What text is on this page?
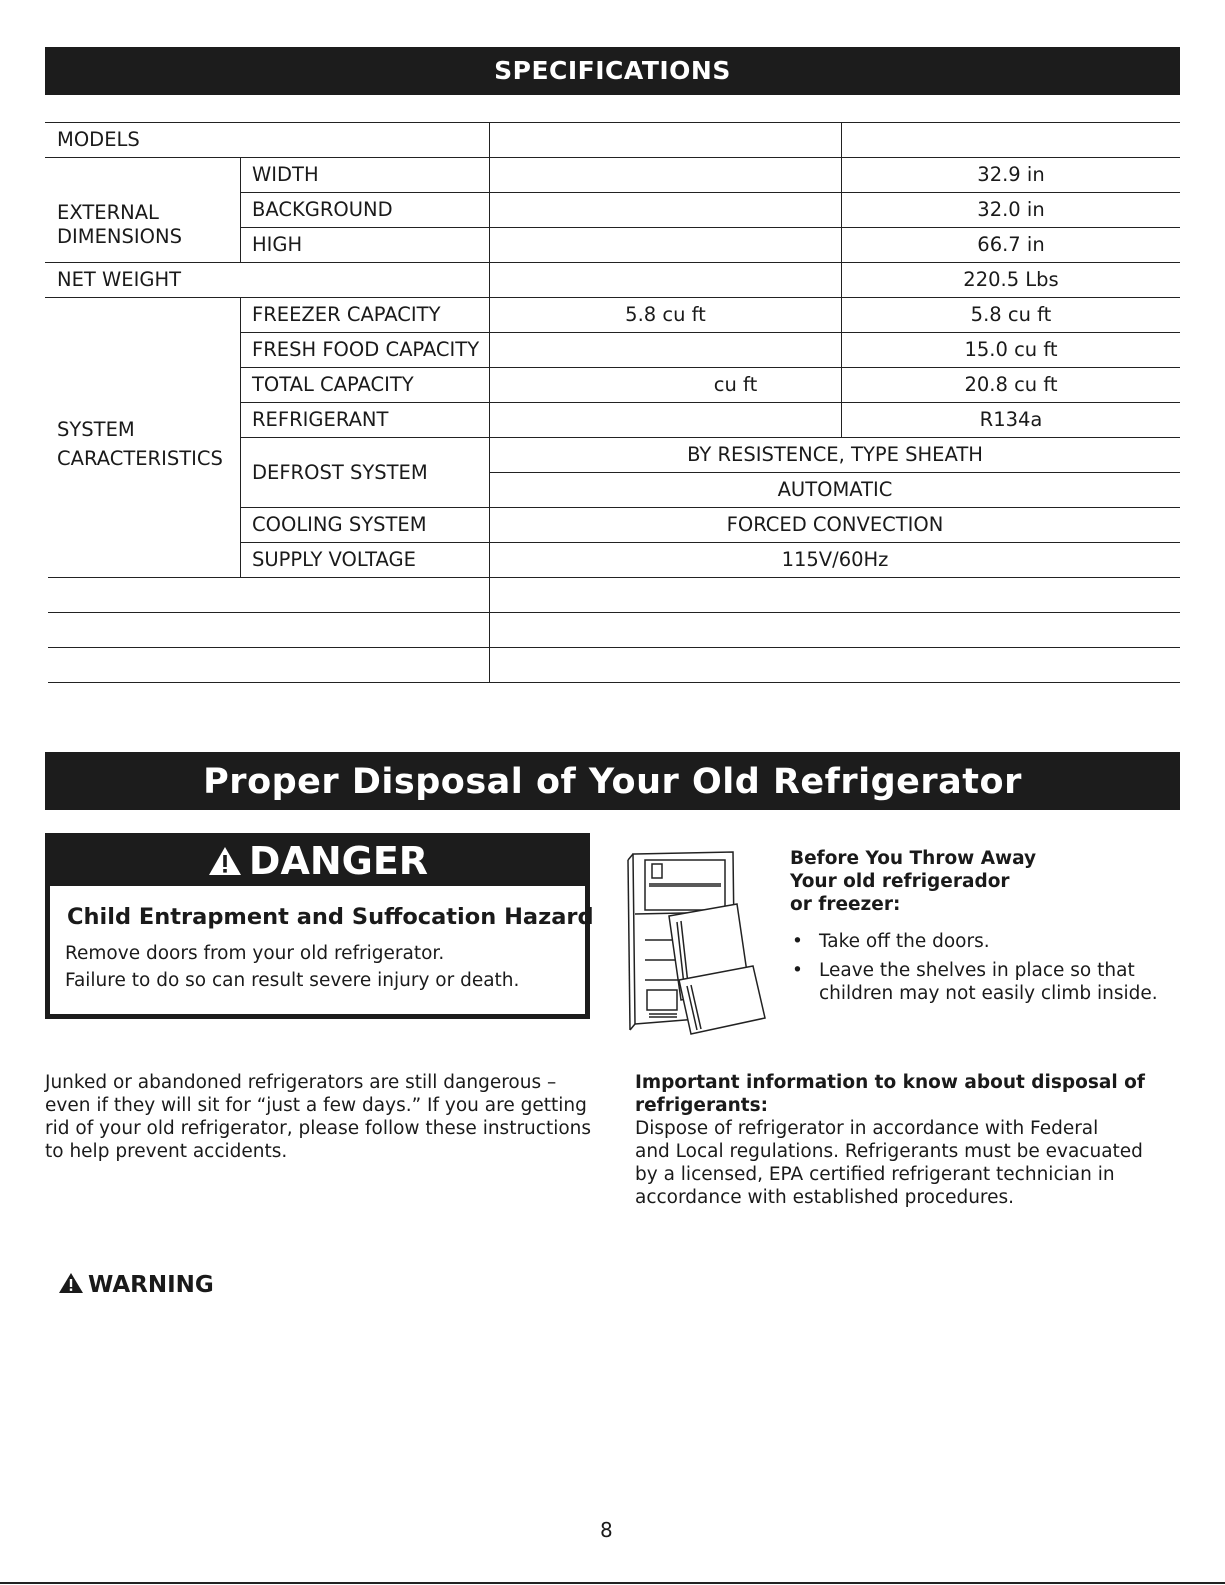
SPECIFICATIONS
MODELS
EXTERNAL DIMENSIONS
WIDTH
BACKGROUND
HIGH
NET WEIGHT
SYSTEM CARACTERISTICS
FREEZER CAPACITY
FRESH FOOD CAPACITY
TOTAL CAPACITY
REFRIGERANT
DEFROST SYSTEM
COOLING SYSTEM
SUPPLY VOLTAGE
32.9 in
32.0 in
66.7 in
220.5 Lbs
5.8 cu ft	5.8 cu ft
15.0 cu ft
cu ft	20.8 cu ft
R134a
BY RESISTENCE, TYPE SHEATH
AUTOMATIC
FORCED CONVECTION
115V/60Hz
Proper Disposal of Your Old Refrigerator
DANGER
Child Entrapment and Suffocation Hazard
Remove doors from your old refrigerator.
Failure to do so can result severe injury or death.
Before You Throw Away
Your old refrigerador
or freezer:
• Take off the doors.
• Leave the shelves in place so that
children may not easily climb inside.
Junked or abandoned refrigerators are still dangerous –
even if they will sit for “just a few days.” If you are getting
rid of your old refrigerator, please follow these instructions
to help prevent accidents.
Important information to know about disposal of
refrigerants:
Dispose of refrigerator in accordance with Federal
and Local regulations. Refrigerants must be evacuated
by a licensed, EPA certified refrigerant technician in
accordance with established procedures.
WARNING
8
